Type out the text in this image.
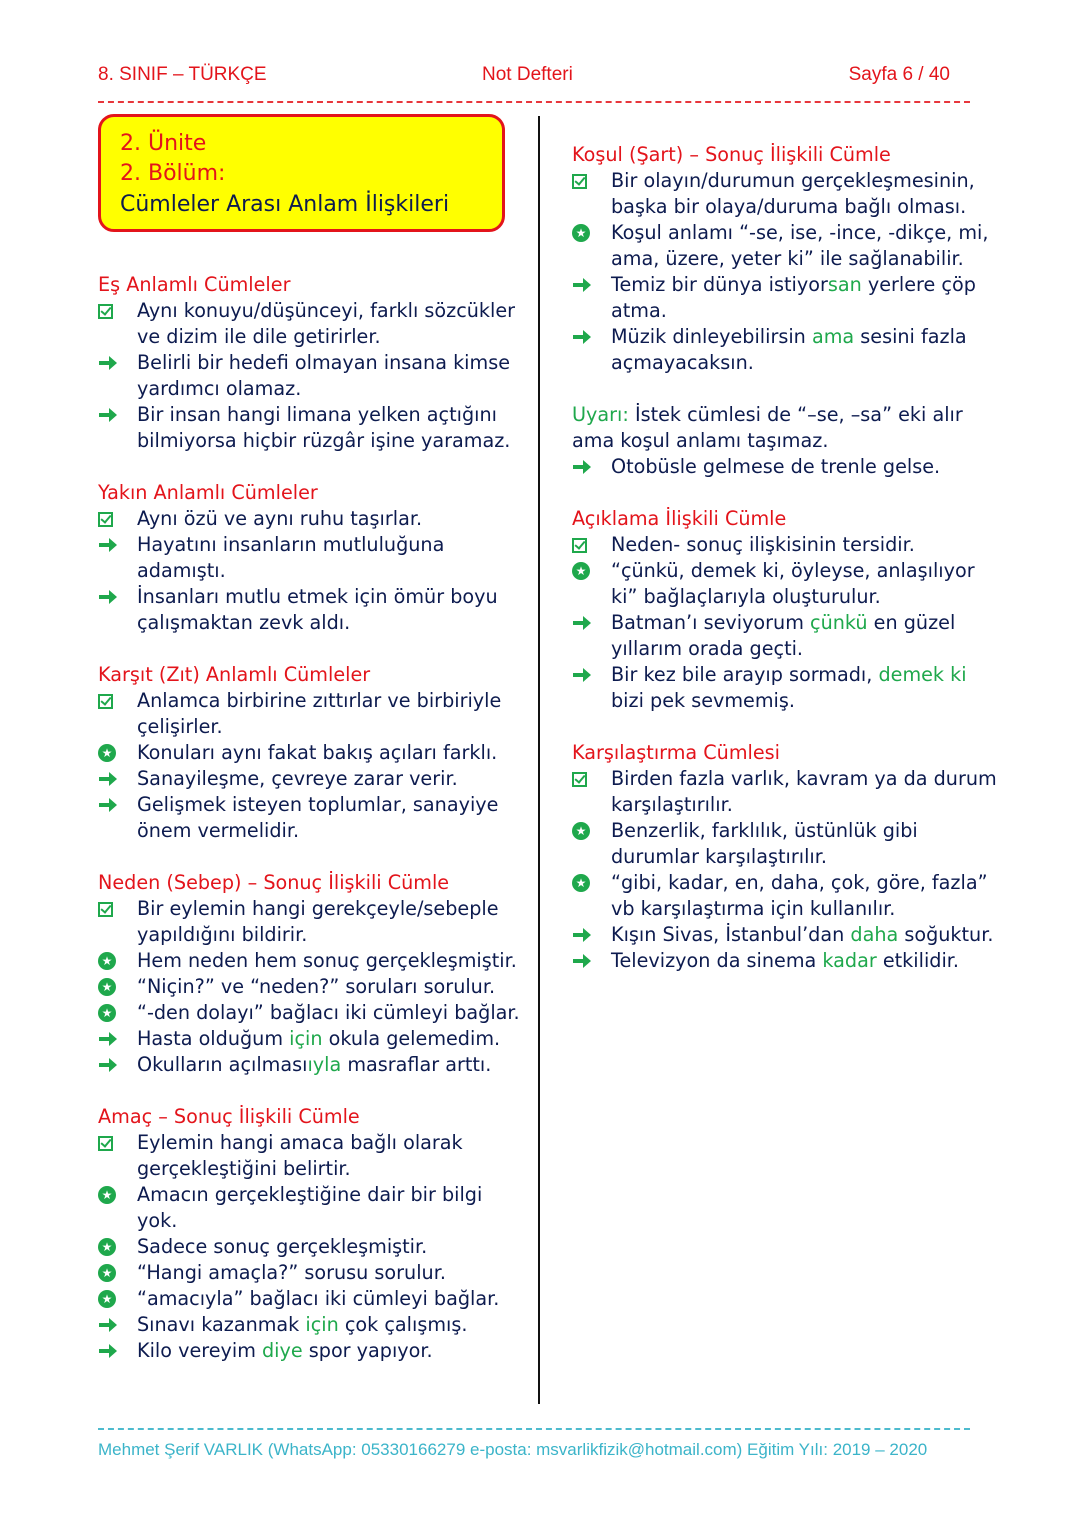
8. SINIF – TÜRKÇE	Not Defteri	Sayfa 6 / 40
2. Ünite
2. Bölüm:
Cümleler Arası Anlam İlişkileri
Eş Anlamlı Cümleler
Aynı konuyu/düşünceyi, farklı sözcükler ve dizim ile dile getirirler.
Belirli bir hedefi olmayan insana kimse yardımcı olamaz.
Bir insan hangi limana yelken açtığını bilmiyorsa hiçbir rüzgâr işine yaramaz.
Yakın Anlamlı Cümleler
Aynı özü ve aynı ruhu taşırlar.
Hayatını insanların mutluluğuna adamıştı.
İnsanları mutlu etmek için ömür boyu çalışmaktan zevk aldı.
Karşıt (Zıt) Anlamlı Cümleler
Anlamca birbirine zıttırlar ve birbiriyle çelişirler.
★ Konuları aynı fakat bakış açıları farklı.
Sanayileşme, çevreye zarar verir.
Gelişmek isteyen toplumlar, sanayiye önem vermelidir.
Neden (Sebep) – Sonuç İlişkili Cümle
Bir eylemin hangi gerekçeyle/sebeple yapıldığını bildirir.
★ Hem neden hem sonuç gerçekleşmiştir.
★ “Niçin?” ve “neden?” soruları sorulur.
★ “-den dolayı” bağlacı iki cümleyi bağlar.
Hasta olduğum için okula gelemedim.
Okulların açılmasııyla masraflar arttı.
Amaç – Sonuç İlişkili Cümle
Eylemin hangi amaca bağlı olarak gerçekleştiğini belirtir.
★ Amacın gerçekleştiğine dair bir bilgi yok.
★ Sadece sonuç gerçekleşmiştir.
★ “Hangi amaçla?” sorusu sorulur.
★ “amacıyla” bağlacı iki cümleyi bağlar.
Sınavı kazanmak için çok çalışmış.
Kilo vereyim diye spor yapıyor.
Koşul (Şart) – Sonuç İlişkili Cümle
Bir olayın/durumun gerçekleşmesinin, başka bir olaya/duruma bağlı olması.
★ Koşul anlamı “-se, ise, -ince, -dikçe, mi, ama, üzere, yeter ki” ile sağlanabilir.
Temiz bir dünya istiyorsan yerlere çöp atma.
Müzik dinleyebilirsin ama sesini fazla açmayacaksın.
Uyarı: İstek cümlesi de “–se, –sa” eki alır ama koşul anlamı taşımaz.
Otobüsle gelmese de trenle gelse.
Açıklama İlişkili Cümle
Neden- sonuç ilişkisinin tersidir.
★ “çünkü, demek ki, öyleyse, anlaşılıyor ki” bağlaçlarıyla oluşturulur.
Batman’ı seviyorum çünkü en güzel yıllarım orada geçti.
Bir kez bile arayıp sormadı, demek ki bizi pek sevmemiş.
Karşılaştırma Cümlesi
Birden fazla varlık, kavram ya da durum karşılaştırılır.
★ Benzerlik, farklılık, üstünlük gibi durumlar karşılaştırılır.
★ “gibi, kadar, en, daha, çok, göre, fazla” vb karşılaştırma için kullanılır.
Kışın Sivas, İstanbul’dan daha soğuktur.
Televizyon da sinema kadar etkilidir.
Mehmet Şerif VARLIK (WhatsApp: 05330166279 e-posta: msvarlikfizik@hotmail.com) Eğitim Yılı: 2019 – 2020
